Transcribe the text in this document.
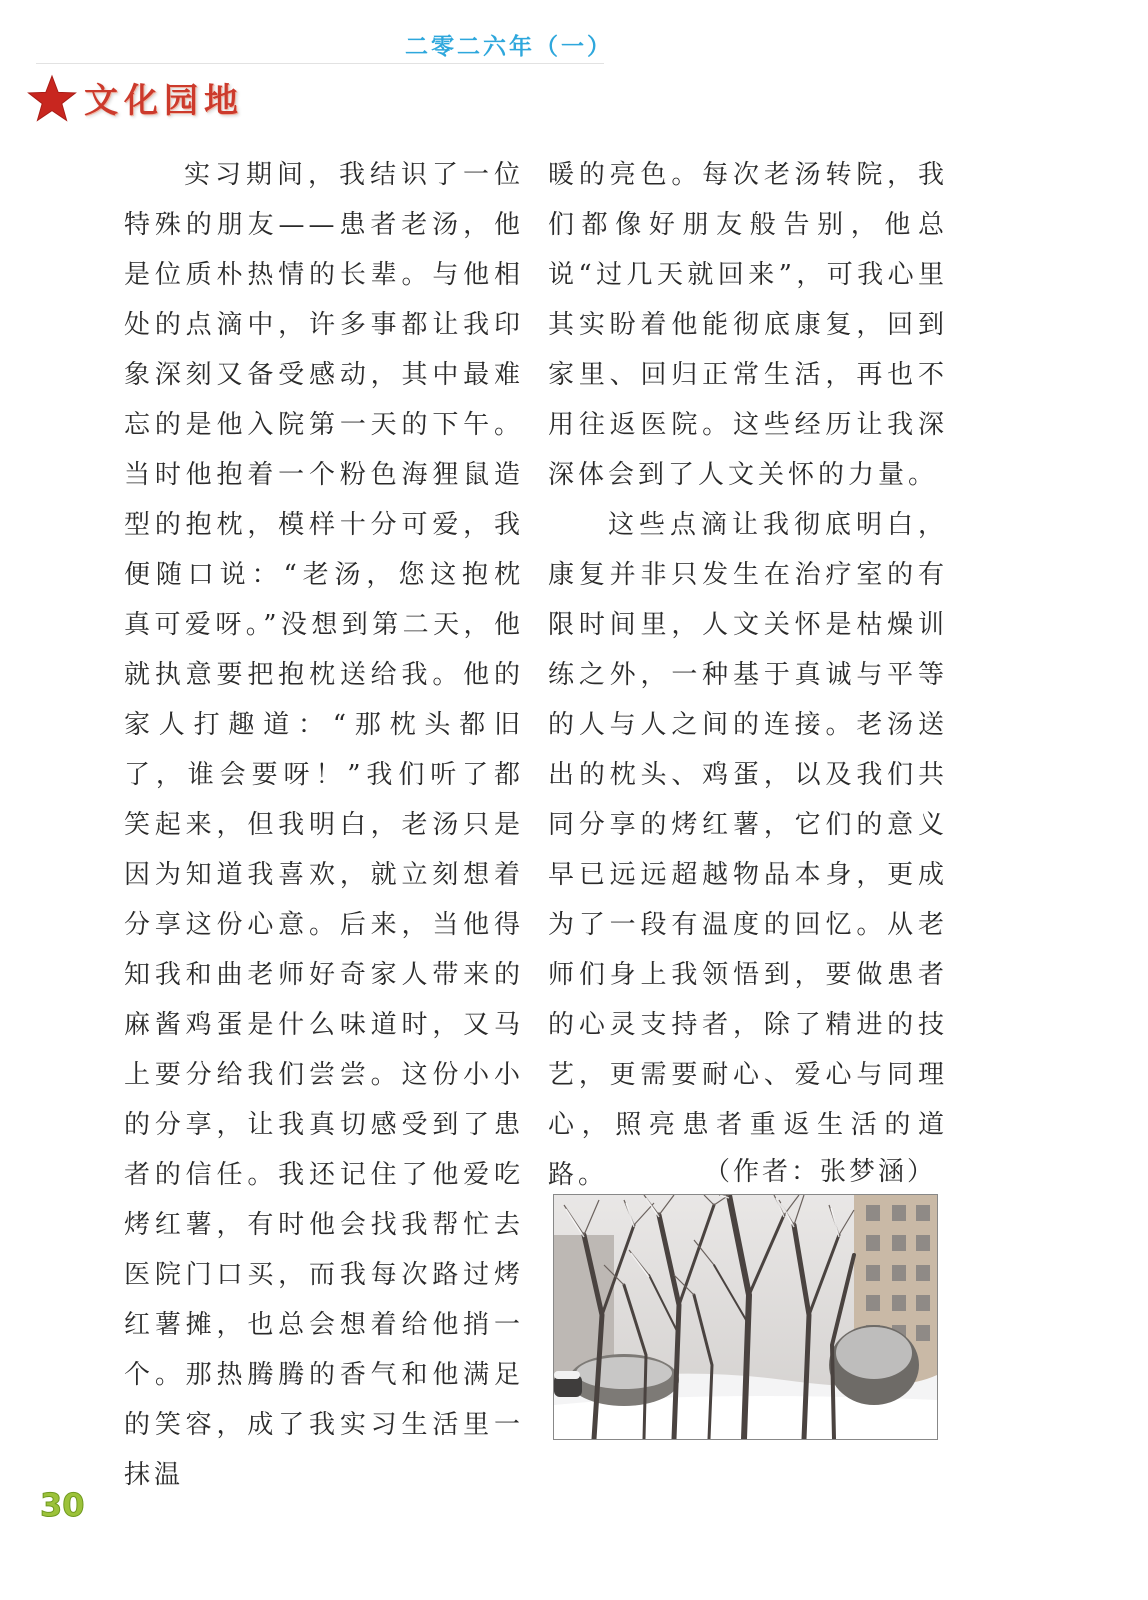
二零二六年（一）
文化园地

实习期间，我结识了一位特殊的朋友——患者老汤，他是位质朴热情的长辈。与他相处的点滴中，许多事都让我印象深刻又备受感动，其中最难忘的是他入院第一天的下午。当时他抱着一个粉色海狸鼠造型的抱枕，模样十分可爱，我便随口说：“老汤，您这抱枕真可爱呀。”没想到第二天，他就执意要把抱枕送给我。他的家人打趣道：“那枕头都旧了，谁会要呀！”我们听了都笑起来，但我明白，老汤只是因为知道我喜欢，就立刻想着分享这份心意。后来，当他得知我和曲老师好奇家人带来的麻酱鸡蛋是什么味道时，又马上要分给我们尝尝。这份小小的分享，让我真切感受到了患者的信任。我还记住了他爱吃烤红薯，有时他会找我帮忙去医院门口买，而我每次路过烤红薯摊，也总会想着给他捎一个。那热腾腾的香气和他满足的笑容，成了我实习生活里一抹温

暖的亮色。每次老汤转院，我们都像好朋友般告别，他总说“过几天就回来”，可我心里其实盼着他能彻底康复，回到家里、回归正常生活，再也不用往返医院。这些经历让我深深体会到了人文关怀的力量。

这些点滴让我彻底明白，康复并非只发生在治疗室的有限时间里，人文关怀是枯燥训练之外，一种基于真诚与平等的人与人之间的连接。老汤送出的枕头、鸡蛋，以及我们共同分享的烤红薯，它们的意义早已远远超越物品本身，更成为了一段有温度的回忆。从老师们身上我领悟到，要做患者的心灵支持者，除了精进的技艺，更需要耐心、爱心与同理心，照亮患者重返生活的道路。	（作者：张梦涵）
30
